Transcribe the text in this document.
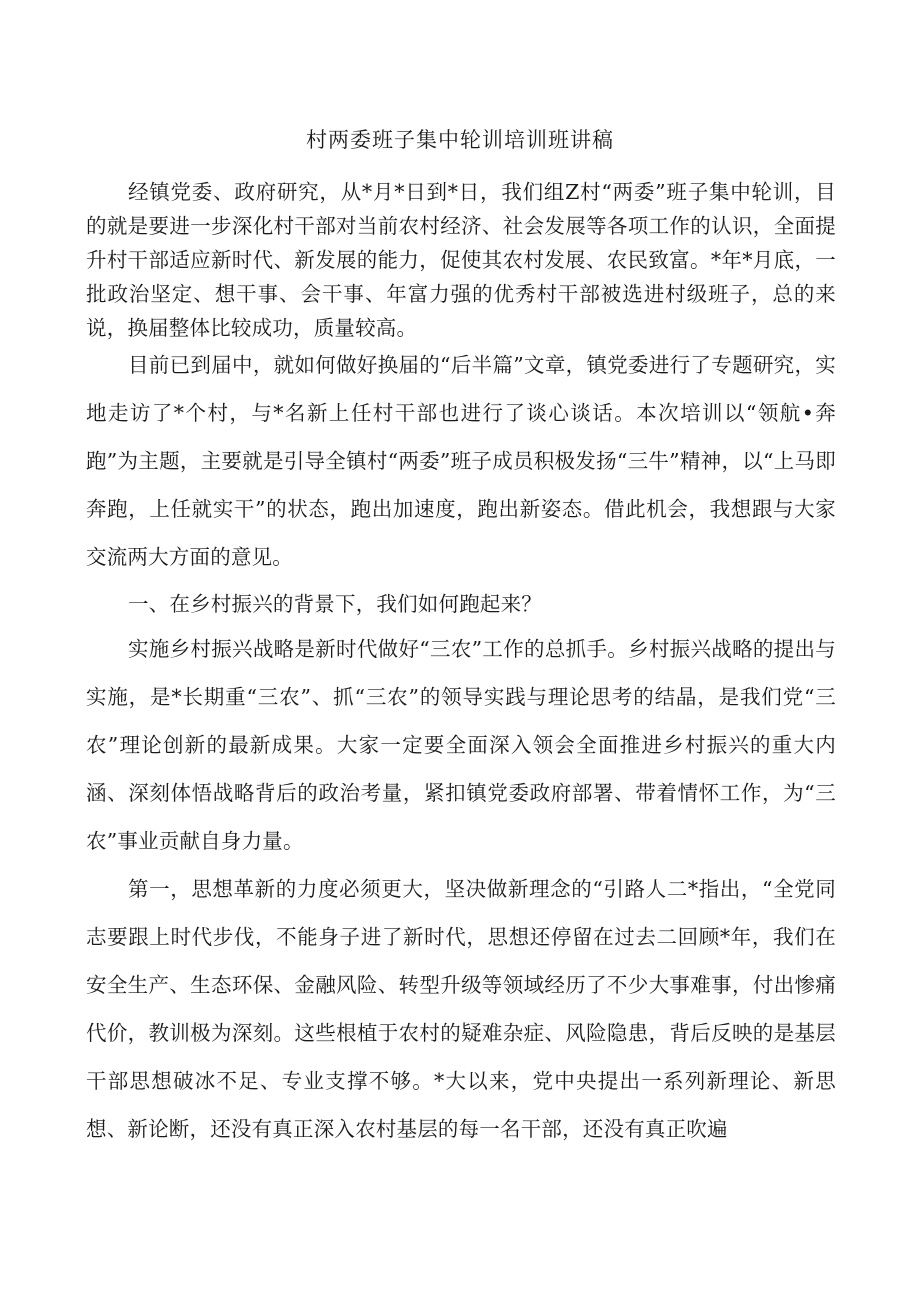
村两委班子集中轮训培训班讲稿

经镇党委、政府研究，从*月*日到*日，我们组Z村“两委”班子集中轮训，目的就是要进一步深化村干部对当前农村经济、社会发展等各项工作的认识，全面提升村干部适应新时代、新发展的能力，促使其农村发展、农民致富。*年*月底，一批政治坚定、想干事、会干事、年富力强的优秀村干部被选进村级班子，总的来说，换届整体比较成功，质量较高。

目前已到届中，就如何做好换届的“后半篇”文章，镇党委进行了专题研究，实地走访了*个村，与*名新上任村干部也进行了谈心谈话。本次培训以“领航•奔跑”为主题，主要就是引导全镇村“两委”班子成员积极发扬“三牛”精神，以“上马即奔跑，上任就实干”的状态，跑出加速度，跑出新姿态。借此机会，我想跟与大家交流两大方面的意见。

一、在乡村振兴的背景下，我们如何跑起来？

实施乡村振兴战略是新时代做好“三农”工作的总抓手。乡村振兴战略的提出与实施，是*长期重“三农”、抓“三农”的领导实践与理论思考的结晶，是我们党“三农”理论创新的最新成果。大家一定要全面深入领会全面推进乡村振兴的重大内涵、深刻体悟战略背后的政治考量，紧扣镇党委政府部署、带着情怀工作，为“三农”事业贡献自身力量。

第一，思想革新的力度必须更大，坚决做新理念的“引路人二*指出，“全党同志要跟上时代步伐，不能身子进了新时代，思想还停留在过去二回顾*年，我们在安全生产、生态环保、金融风险、转型升级等领域经历了不少大事难事，付出惨痛代价，教训极为深刻。这些根植于农村的疑难杂症、风险隐患，背后反映的是基层干部思想破冰不足、专业支撑不够。*大以来，党中央提出一系列新理论、新思想、新论断，还没有真正深入农村基层的每一名干部，还没有真正吹遍
